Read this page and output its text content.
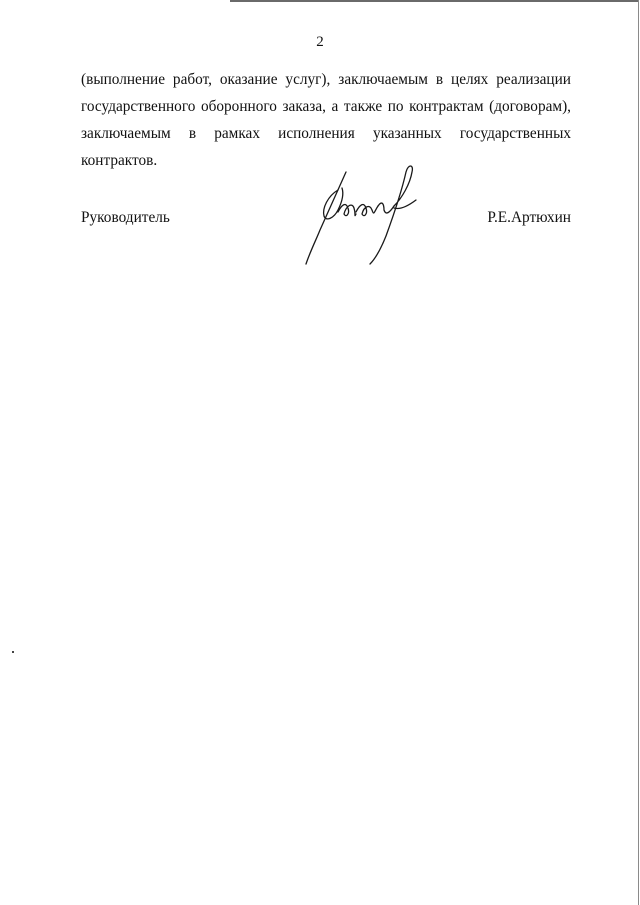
2
(выполнение работ, оказание услуг), заключаемым в целях реализации
государственного оборонного заказа, а также по контрактам (договорам),
заключаемым в рамках исполнения указанных государственных
контрактов.
Руководитель	Р.Е.Артюхин
